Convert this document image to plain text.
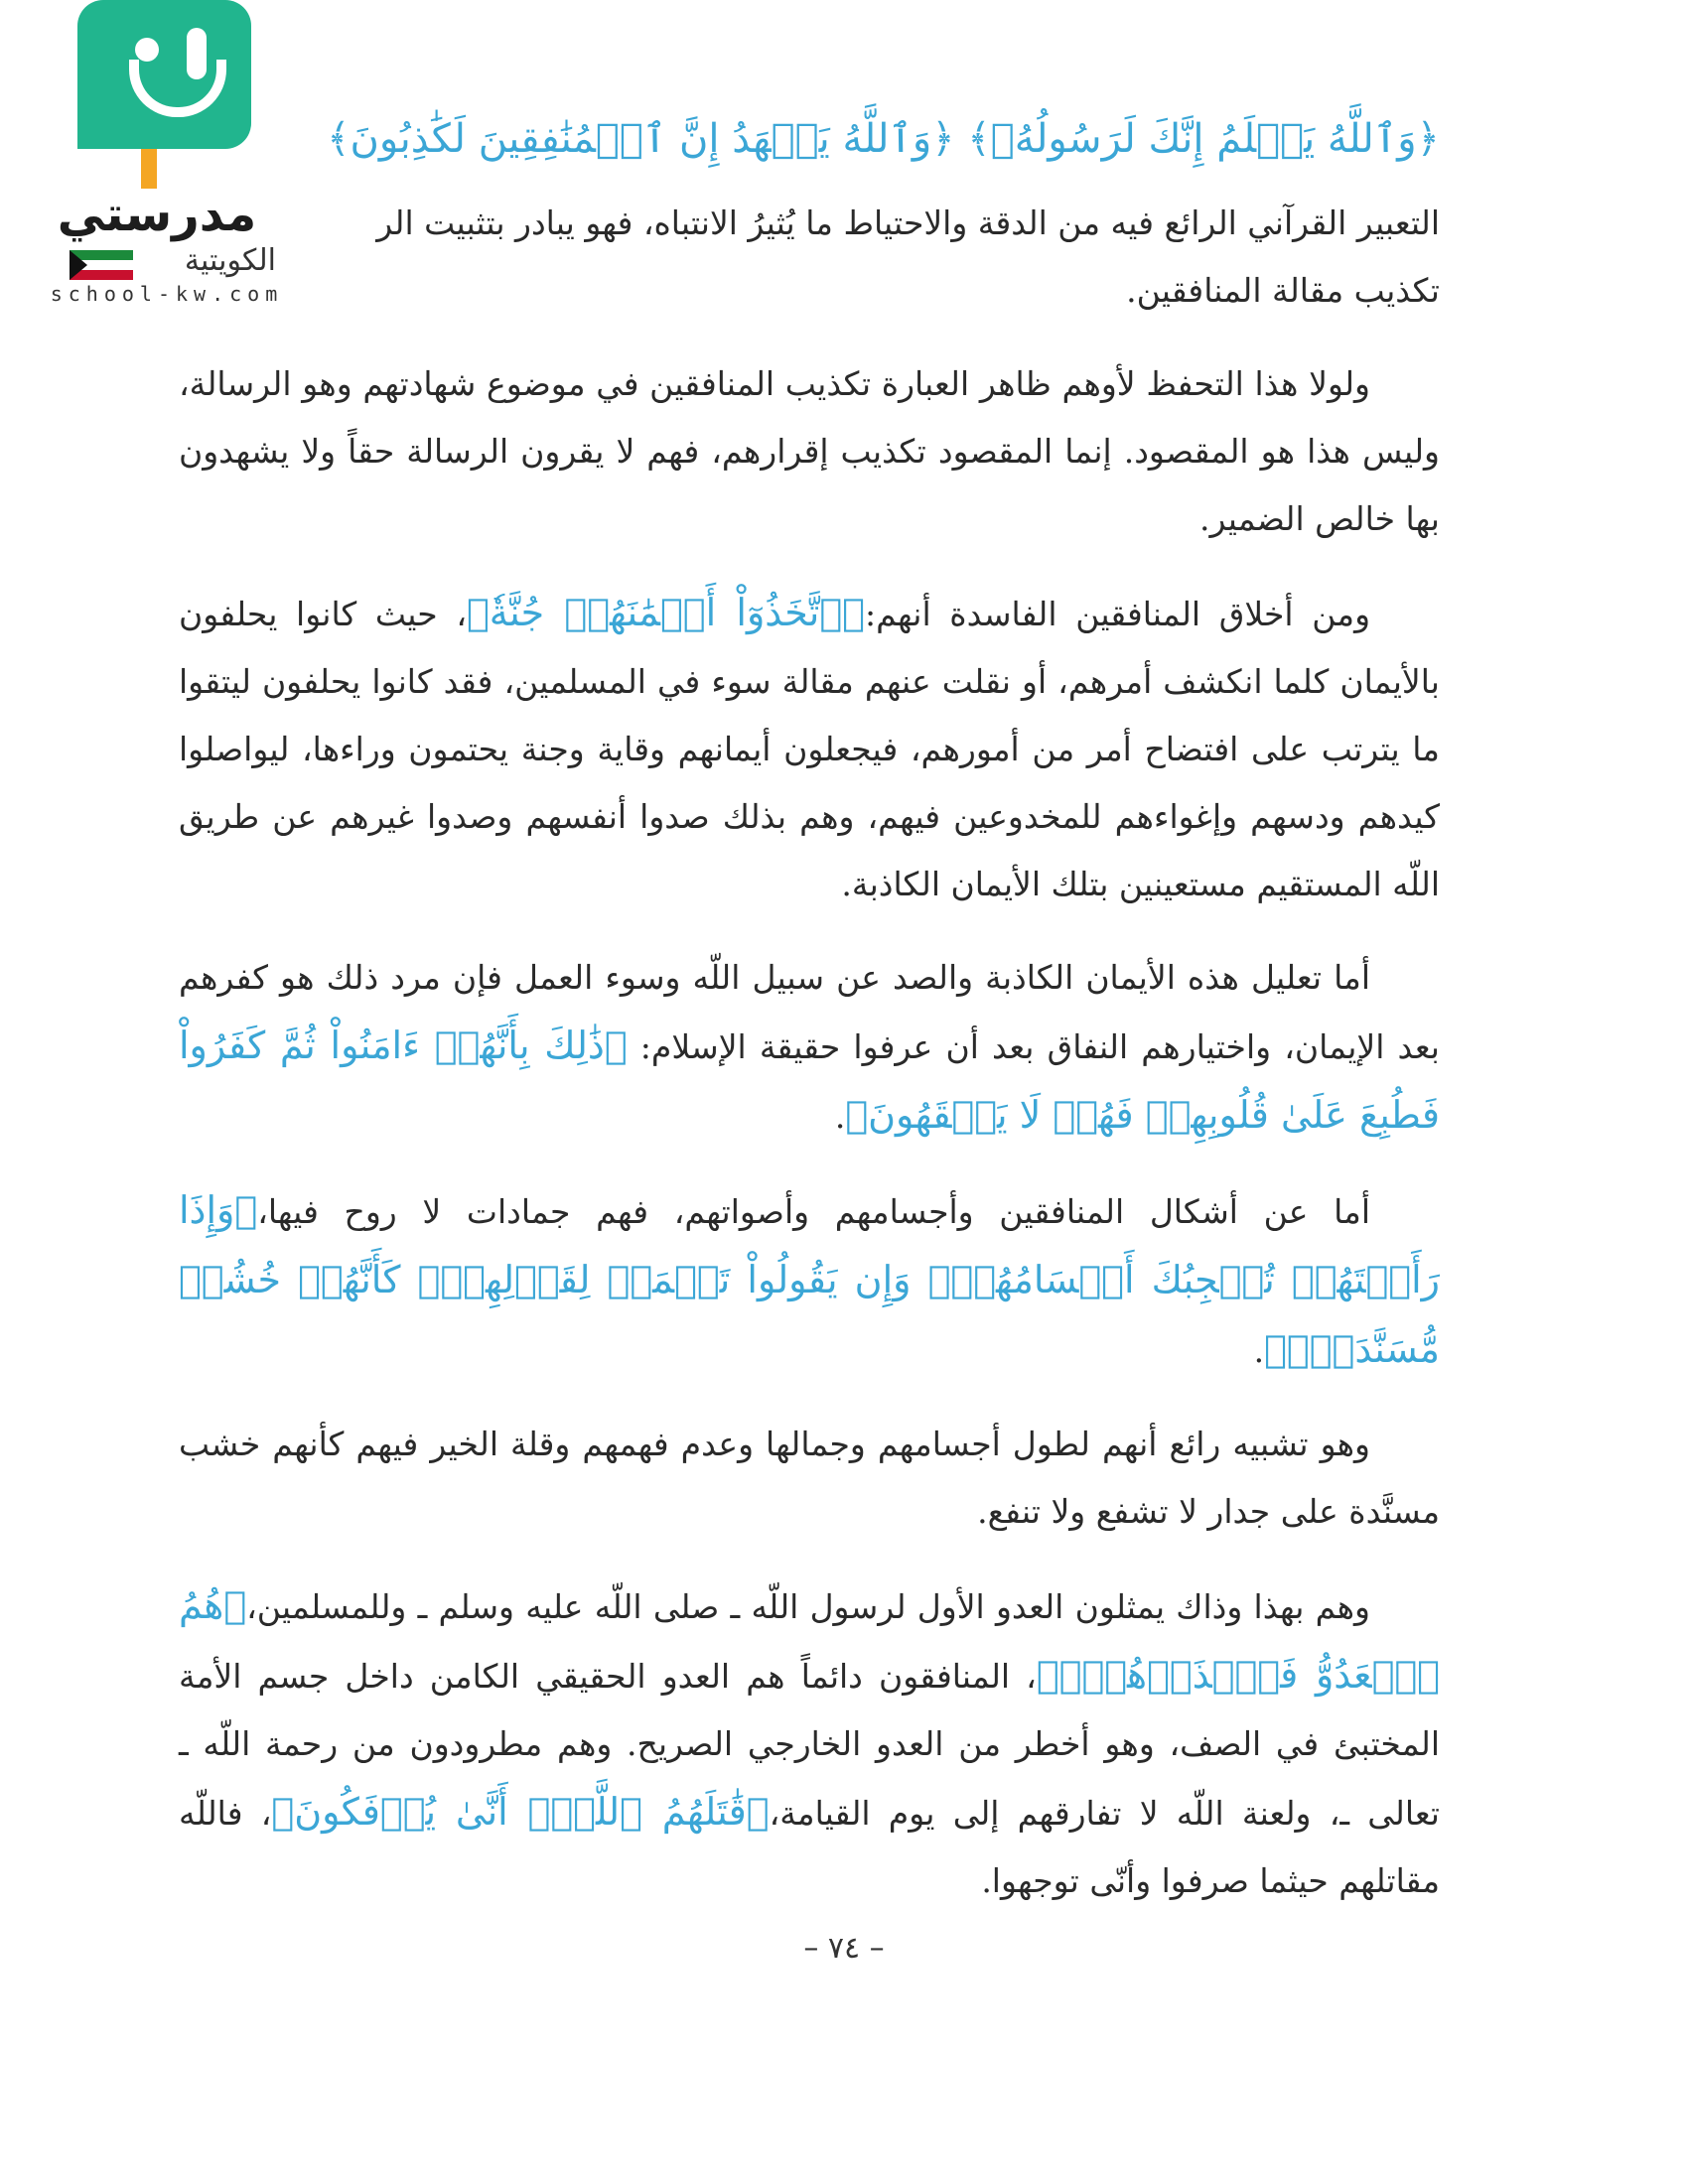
مدرستي
الكويتية
school-kw.com
﴿وَٱللَّهُ يَعۡلَمُ إِنَّكَ لَرَسُولُهُۥ﴾ ﴿وَٱللَّهُ يَشۡهَدُ إِنَّ ٱلۡمُنَٰفِقِينَ لَكَٰذِبُونَ﴾

التعبير القرآني الرائع فيه من الدقة والاحتياط ما يُثيرُ الانتباه، فهو يبادر بتثبيت الر

تكذيب مقالة المنافقين.

ولولا هذا التحفظ لأوهم ظاهر العبارة تكذيب المنافقين في موضوع شهادتهم وهو الرسالة، وليس هذا هو المقصود. إنما المقصود تكذيب إقرارهم، فهم لا يقرون الرسالة حقاً ولا يشهدون بها خالص الضمير.

ومن أخلاق المنافقين الفاسدة أنهم:﴿ٱتَّخَذُوٓاْ أَيۡمَٰنَهُمۡ جُنَّةٗ﴾، حيث كانوا يحلفون بالأيمان كلما انكشف أمرهم، أو نقلت عنهم مقالة سوء في المسلمين، فقد كانوا يحلفون ليتقوا ما يترتب على افتضاح أمر من أمورهم، فيجعلون أيمانهم وقاية وجنة يحتمون وراءها، ليواصلوا كيدهم ودسهم وإغواءهم للمخدوعين فيهم، وهم بذلك صدوا أنفسهم وصدوا غيرهم عن طريق اللّه المستقيم مستعينين بتلك الأيمان الكاذبة.

أما تعليل هذه الأيمان الكاذبة والصد عن سبيل اللّه وسوء العمل فإن مرد ذلك هو كفرهم بعد الإيمان، واختيارهم النفاق بعد أن عرفوا حقيقة الإسلام: ﴿ذَٰلِكَ بِأَنَّهُمۡ ءَامَنُواْ ثُمَّ كَفَرُواْ فَطُبِعَ عَلَىٰ قُلُوبِهِمۡ فَهُمۡ لَا يَفۡقَهُونَ﴾.

أما عن أشكال المنافقين وأجسامهم وأصواتهم، فهم جمادات لا روح فيها،﴿وَإِذَا رَأَيۡتَهُمۡ تُعۡجِبُكَ أَجۡسَامُهُمۡۖ وَإِن يَقُولُواْ تَسۡمَعۡ لِقَوۡلِهِمۡۖ كَأَنَّهُمۡ خُشُبٞ مُّسَنَّدَةٞۖ﴾.

وهو تشبيه رائع أنهم لطول أجسامهم وجمالها وعدم فهمهم وقلة الخير فيهم كأنهم خشب مسنَّدة على جدار لا تشفع ولا تنفع.

وهم بهذا وذاك يمثلون العدو الأول لرسول اللّه ـ صلى اللّه عليه وسلم ـ وللمسلمين،﴿هُمُ ٱلۡعَدُوُّ فَٱحۡذَرۡهُمۡۚ﴾، المنافقون دائماً هم العدو الحقيقي الكامن داخل جسم الأمة المختبئ في الصف، وهو أخطر من العدو الخارجي الصريح. وهم مطرودون من رحمة اللّه ـ تعالى ـ، ولعنة اللّه لا تفارقهم إلى يوم القيامة،﴿قَٰتَلَهُمُ ٱللَّهُۖ أَنَّىٰ يُؤۡفَكُونَ﴾، فاللّه مقاتلهم حيثما صرفوا وأنّى توجهوا.

– ٧٤ –
